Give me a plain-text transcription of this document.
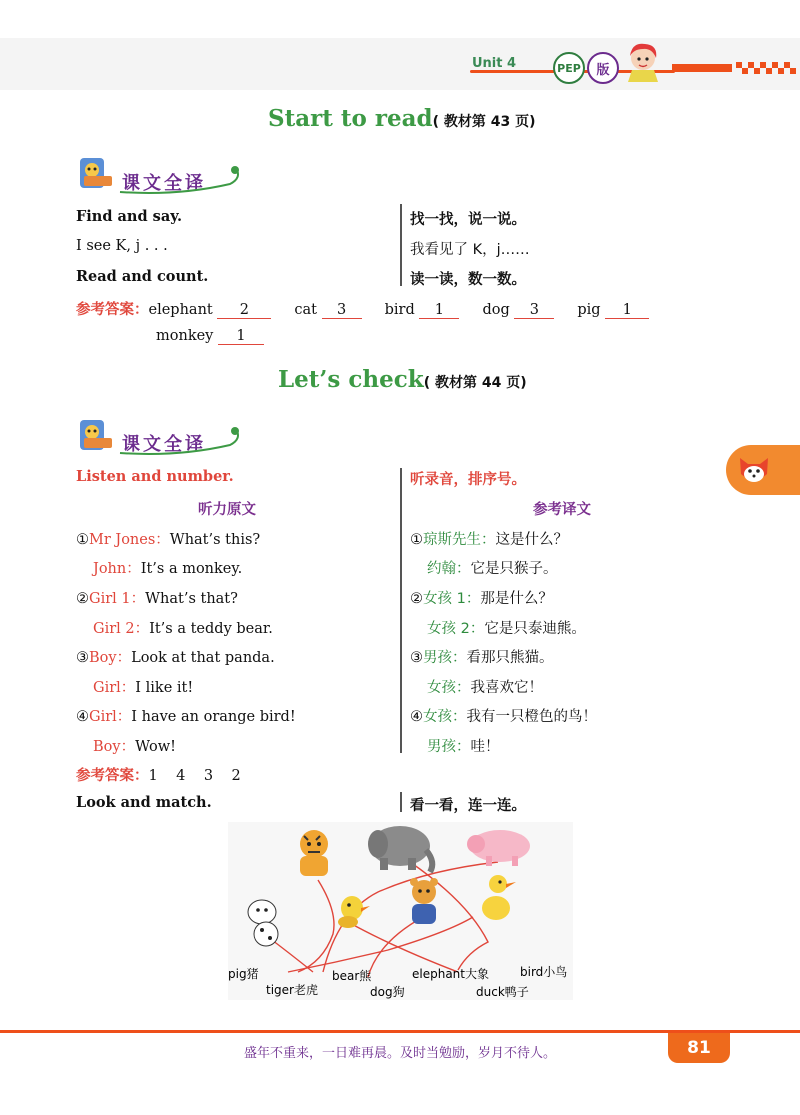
Unit 4	PEP	版
Start to read( 教材第 43 页)
课文全译
Find and say.	找一找，说一说。
I see K, j . . .	我看见了 K，j……
Read and count.	读一读，数一数。
参考答案：elephant 2	cat 3	bird 1	dog 3	pig 1
monkey 1
Let’s check( 教材第 44 页)
课文全译
Listen and number.	听录音，排序号。
听力原文	参考译文
①Mr Jones：What’s this?	①琼斯先生：这是什么？
John：It’s a monkey.	约翰：它是只猴子。
②Girl 1：What’s that?	②女孩 1：那是什么？
Girl 2：It’s a teddy bear.	女孩 2：它是只泰迪熊。
③Boy：Look at that panda.	③男孩：看那只熊猫。
Girl：I like it!	女孩：我喜欢它！
④Girl：I have an orange bird!	④女孩：我有一只橙色的鸟！
Boy：Wow!	男孩：哇！
参考答案：1    4    3    2
Look and match.	看一看，连一连。
pig猪
tiger老虎
bear熊
dog狗
elephant大象
duck鸭子
bird小鸟
81
盛年不重来，一日难再晨。及时当勉励，岁月不待人。
